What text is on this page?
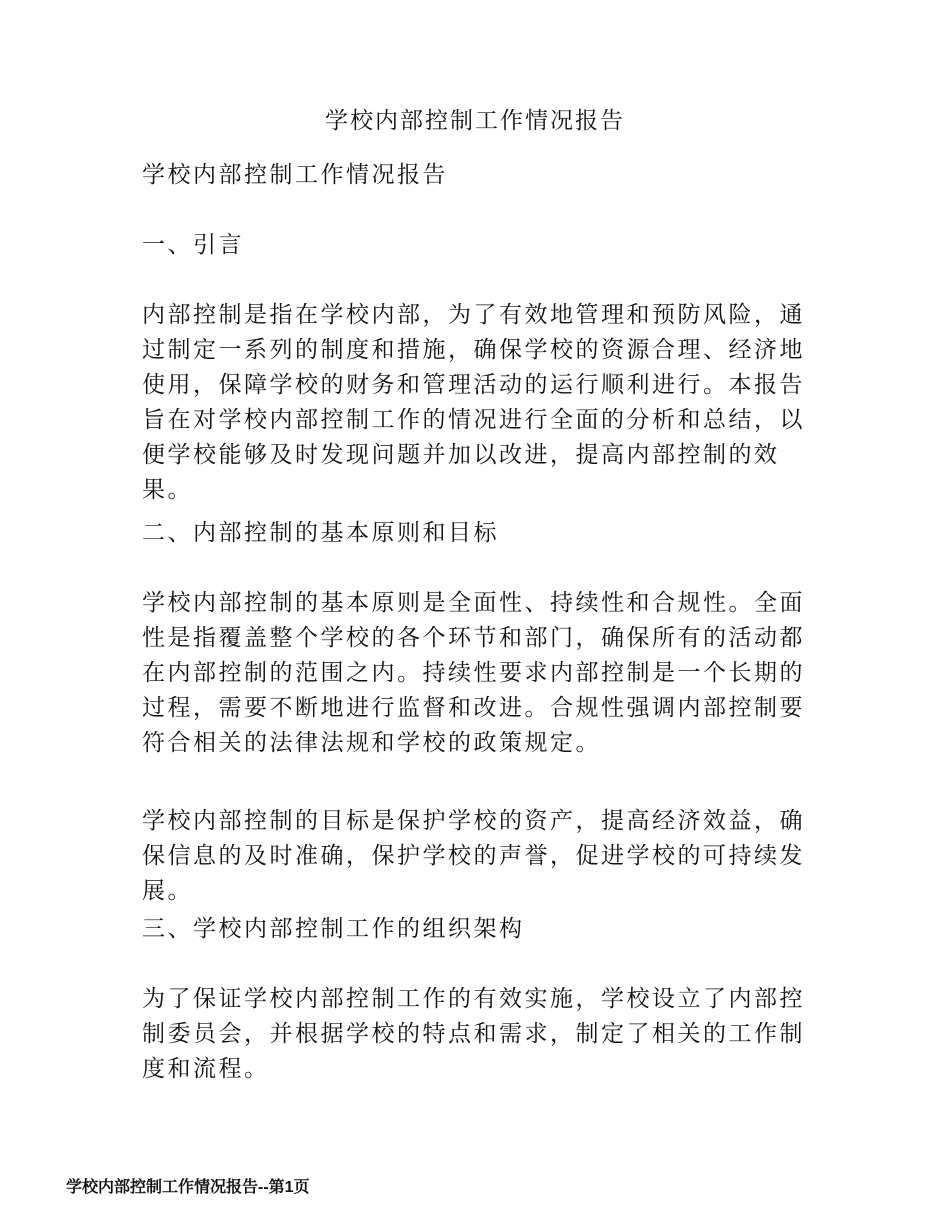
学校内部控制工作情况报告

学校内部控制工作情况报告

一、引言

内部控制是指在学校内部，为了有效地管理和预防风险，通过制定一系列的制度和措施，确保学校的资源合理、经济地使用，保障学校的财务和管理活动的运行顺利进行。本报告旨在对学校内部控制工作的情况进行全面的分析和总结，以便学校能够及时发现问题并加以改进，提高内部控制的效果。

二、内部控制的基本原则和目标

学校内部控制的基本原则是全面性、持续性和合规性。全面性是指覆盖整个学校的各个环节和部门，确保所有的活动都在内部控制的范围之内。持续性要求内部控制是一个长期的过程，需要不断地进行监督和改进。合规性强调内部控制要符合相关的法律法规和学校的政策规定。

学校内部控制的目标是保护学校的资产，提高经济效益，确保信息的及时准确，保护学校的声誉，促进学校的可持续发展。

三、学校内部控制工作的组织架构

为了保证学校内部控制工作的有效实施，学校设立了内部控制委员会，并根据学校的特点和需求，制定了相关的工作制度和流程。

学校内部控制工作情况报告--第1页
